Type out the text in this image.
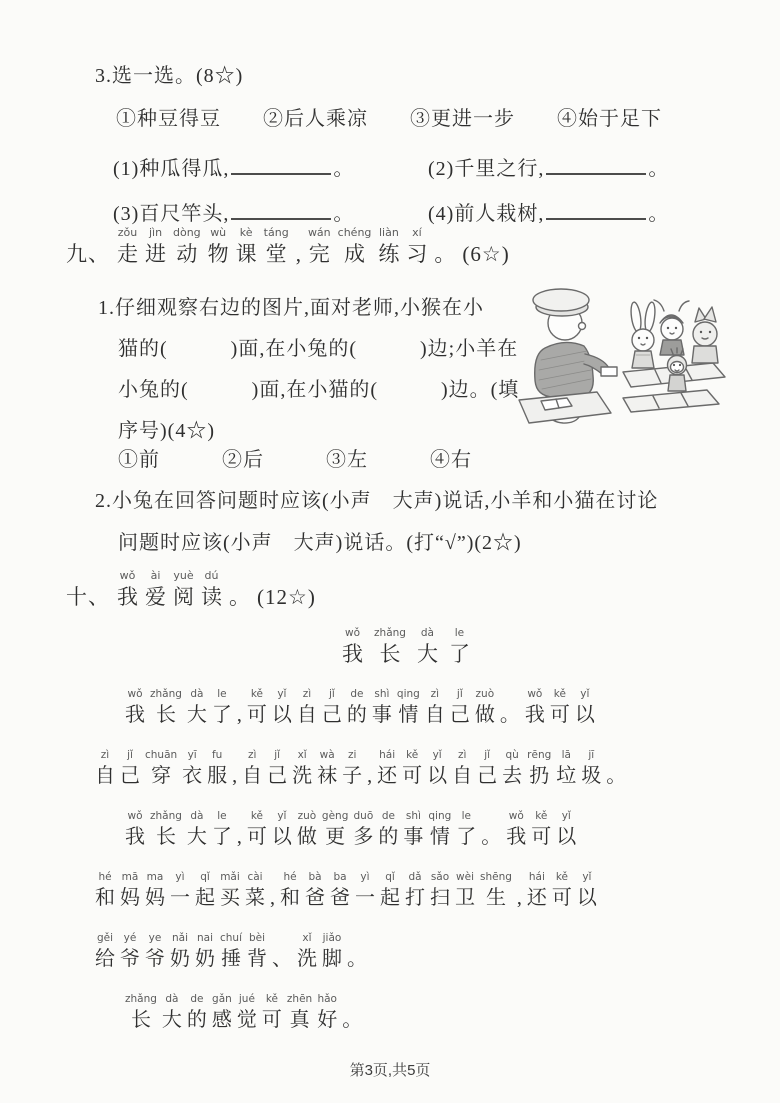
3.选一选。(8☆)
①种豆得豆 ②后人乘凉 ③更进一步 ④始于足下
(1)种瓜得瓜,	。	(2)千里之行,	。
(3)百尺竿头,	。	(4)前人栽树,	。
九、
zǒu
走
jìn
进
dòng
动
wù
物
kè
课
táng
堂 ,
wán
完
chéng
成
liàn
练
xí
习 。 (6☆)
1.仔细观察右边的图片,面对老师,小猴在小
猫的(　　　)面,在小兔的(　　　)边;小羊在
小兔的(　　　)面,在小猫的(　　　)边。(填
序号)(4☆)
①前	②后	③左	④右
2.小兔在回答问题时应该(小声　大声)说话,小羊和小猫在讨论
问题时应该(小声　大声)说话。(打“√”)(2☆)
十、
wǒ
我
ài
爱
yuè
阅
dú
读 。 (12☆)
wǒ
我
zhǎng
长
dà
大
le
了
wǒ
我
zhǎng
长
dà
大
le
了 ,
kě
可
yǐ
以
zì
自
jǐ
己
de
的
shì
事
qing
情
zì
自
jǐ
己
zuò
做 。
wǒ
我
kě
可
yǐ
以
zì
自
jǐ
己
chuān
穿
yī
衣
fu
服 ,
zì
自
jǐ
己
xǐ
洗
wà
袜
zi
子 ,
hái
还
kě
可
yǐ
以
zì
自
jǐ
己
qù
去
rēng
扔
lā
垃
jī
圾 。
wǒ
我
zhǎng
长
dà
大
le
了 ,
kě
可
yǐ
以
zuò
做
gèng
更
duō
多
de
的
shì
事
qing
情
le
了 。
wǒ
我
kě
可
yǐ
以
hé
和
mā
妈
ma
妈
yì
一
qǐ
起
mǎi
买
cài
菜 ,
hé
和
bà
爸
ba
爸
yì
一
qǐ
起
dǎ
打
sǎo
扫
wèi
卫
shēng
生 ,
hái
还
kě
可
yǐ
以
gěi
给
yé
爷
ye
爷
nǎi
奶
nai
奶
chuí
捶
bèi
背 、
xǐ
洗
jiǎo
脚 。
zhǎng
长
dà
大
de
的
gǎn
感
jué
觉
kě
可
zhēn
真
hǎo
好 。
第3页,共5页
